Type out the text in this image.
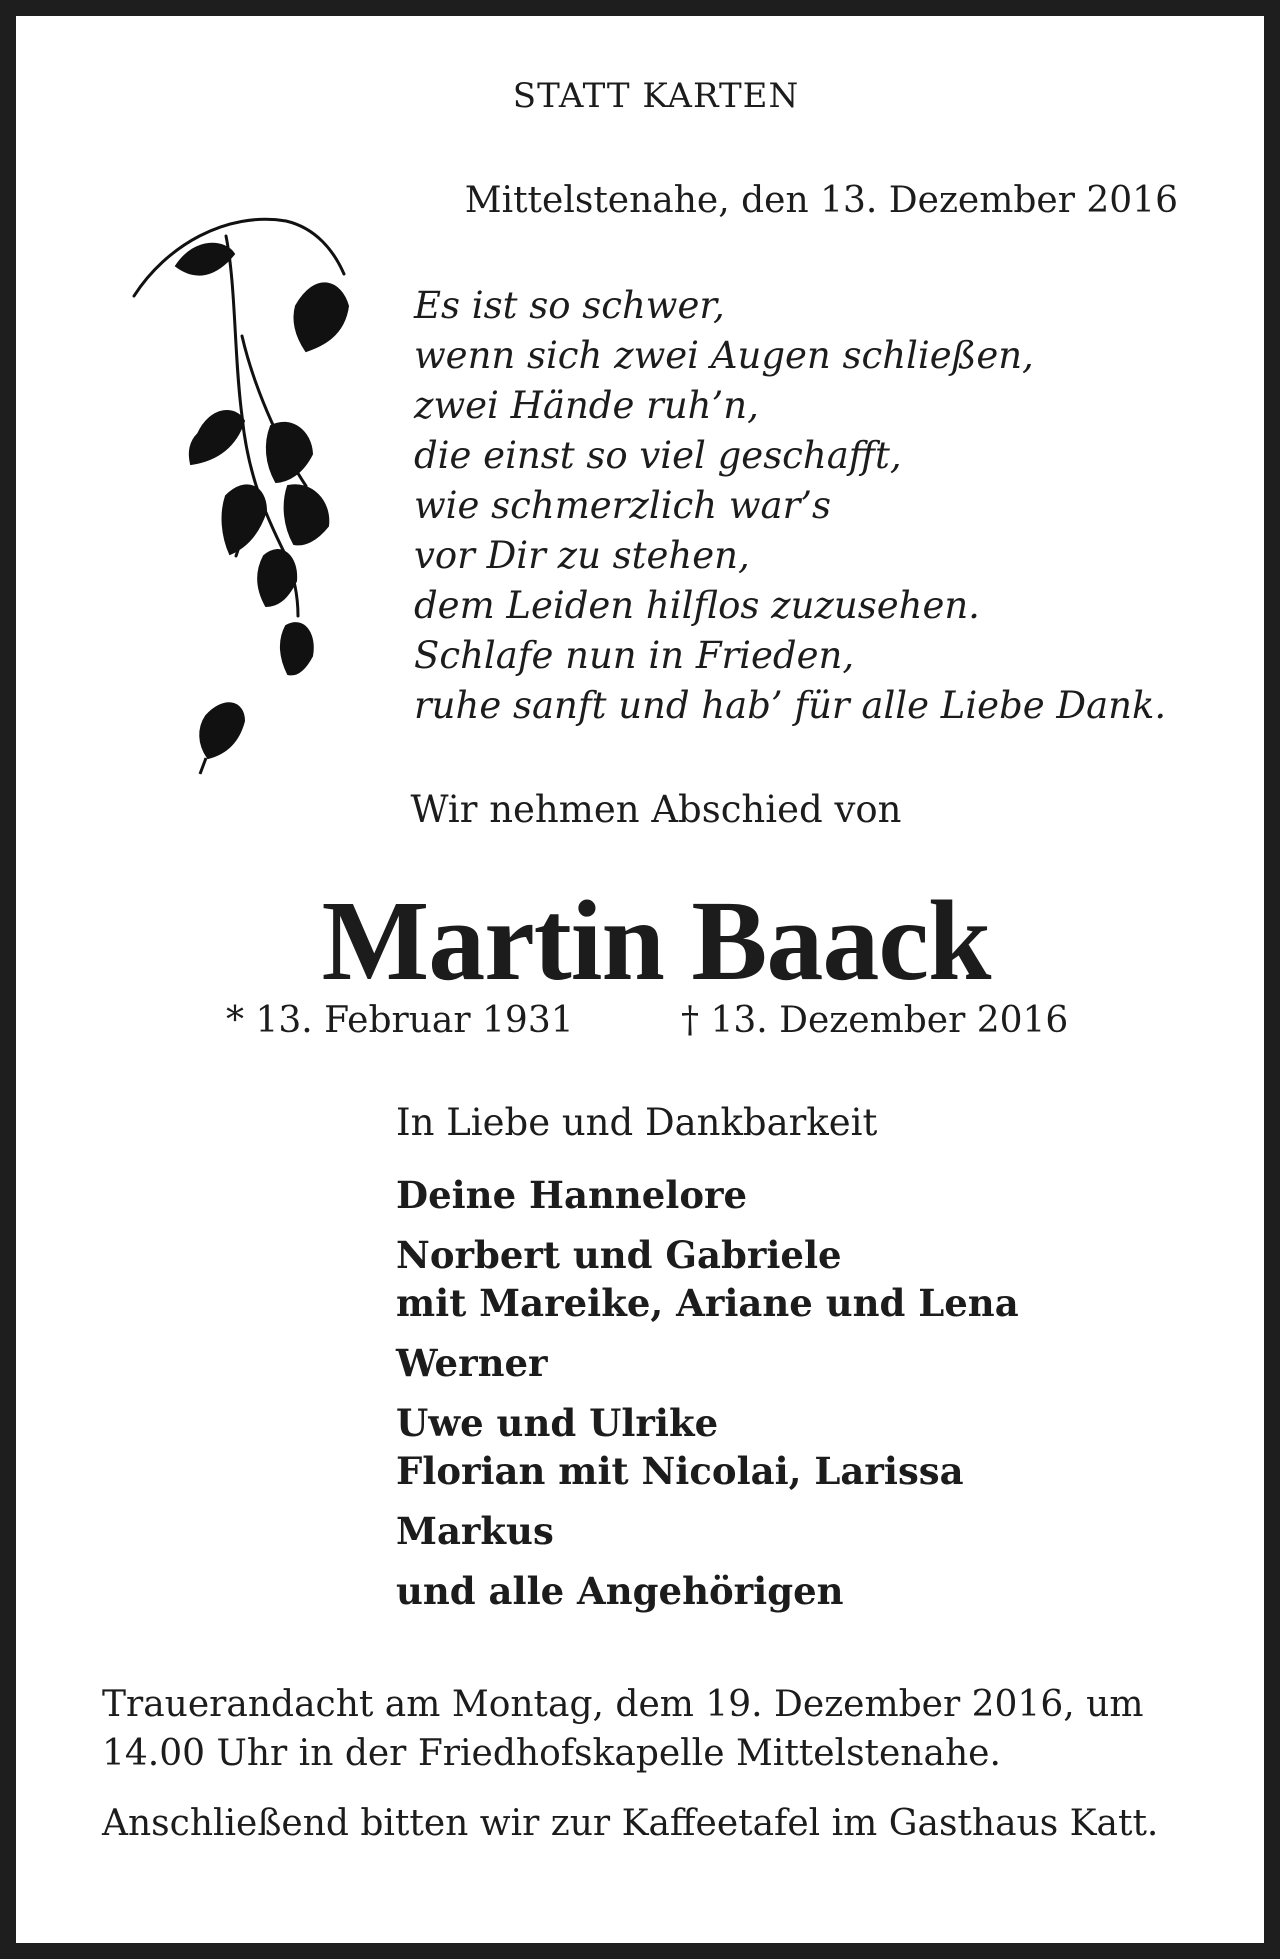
STATT KARTEN
Mittelstenahe, den 13. Dezember 2016
Es ist so schwer,
wenn sich zwei Augen schließen,
zwei Hände ruh’n,
die einst so viel geschafft,
wie schmerzlich war’s
vor Dir zu stehen,
dem Leiden hilflos zuzusehen.
Schlafe nun in Frieden,
ruhe sanft und hab’ für alle Liebe Dank.
Wir nehmen Abschied von
Martin Baack
* 13. Februar 1931	† 13. Dezember 2016
In Liebe und Dankbarkeit
Deine Hannelore
Norbert und Gabriele
mit Mareike, Ariane und Lena
Werner
Uwe und Ulrike
Florian mit Nicolai, Larissa
Markus
und alle Angehörigen

Trauerandacht am Montag, dem 19. Dezember 2016, um 14.00 Uhr in der Friedhofskapelle Mittelstenahe.

Anschließend bitten wir zur Kaffeetafel im Gasthaus Katt.
